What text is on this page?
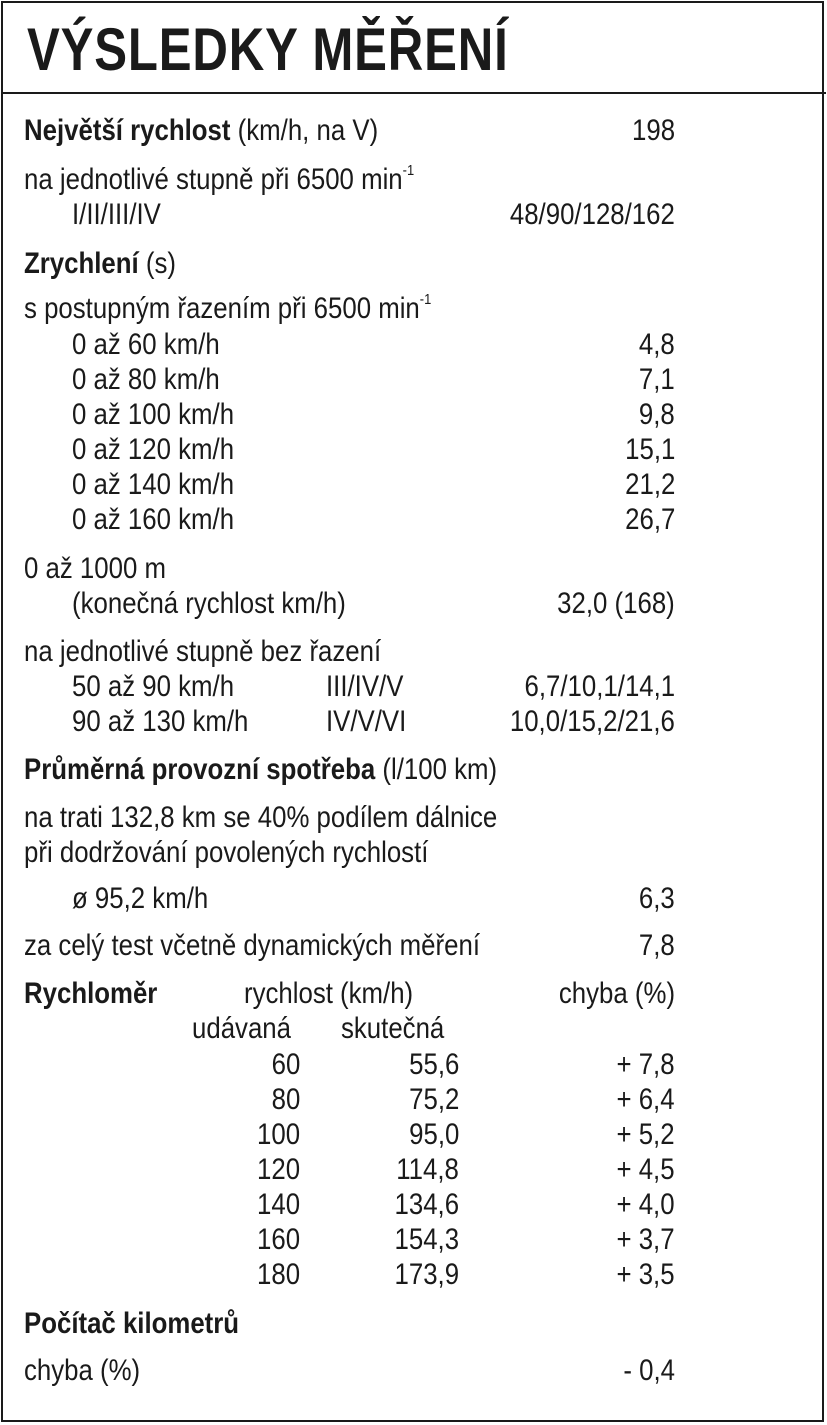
VÝSLEDKY MĚŘENÍ
Největší rychlost (km/h, na V)	198
na jednotlivé stupně při 6500 $\min^{-1}$
I/II/III/IV	48/90/128/162
Zrychlení (s)
s postupným řazením při 6500 $\min^{-1}$
0 až 60 km/h	4,8
0 až 80 km/h	7,1
0 až 100 km/h	9,8
0 až 120 km/h	15,1
0 až 140 km/h	21,2
0 až 160 km/h	26,7
0 až 1000 m
(konečná rychlost km/h)	32,0 (168)
na jednotlivé stupně bez řazení
50 až 90 km/h	III/IV/V	6,7/10,1/14,1
90 až 130 km/h	IV/V/VI	10,0/15,2/21,6
Průměrná provozní spotřeba (l/100 km)
na trati 132,8 km se 40% podílem dálnice
při dodržování povolených rychlostí
ø 95,2 km/h	6,3
za celý test včetně dynamických měření	7,8
Rychloměr	rychlost (km/h)	chyba (%)
udávaná skutečná
60	55,6	+ 7,8
80	75,2	+ 6,4
100	95,0	+ 5,2
120	114,8	+ 4,5
140	134,6	+ 4,0
160	154,3	+ 3,7
180	173,9	+ 3,5
Počítač kilometrů
chyba (%)	- 0,4
